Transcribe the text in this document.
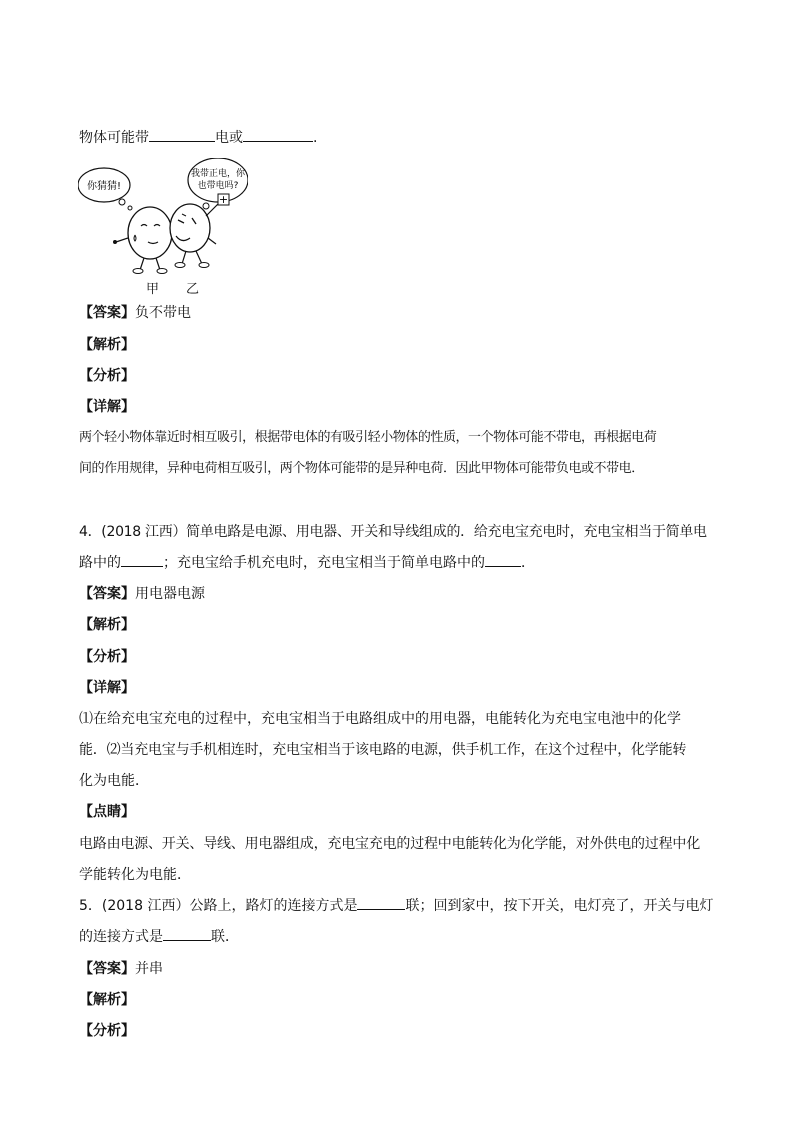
物体可能带	电或	.
你猜猜!
我带正电，你
也带电吗?
+
甲 乙
【答案】负不带电
【解析】
【分析】
【详解】
两个轻小物体靠近时相互吸引，根据带电体的有吸引轻小物体的性质，一个物体可能不带电，再根据电荷
间的作用规律，异种电荷相互吸引，两个物体可能带的是异种电荷．因此甲物体可能带负电或不带电．
4．(2018 江西）简单电路是电源、用电器、开关和导线组成的．给充电宝充电时，充电宝相当于简单电
路中的	；充电宝给手机充电时，充电宝相当于简单电路中的	．
【答案】用电器电源
【解析】
【分析】
【详解】
⑴在给充电宝充电的过程中，充电宝相当于电路组成中的用电器，电能转化为充电宝电池中的化学
能．⑵当充电宝与手机相连时，充电宝相当于该电路的电源，供手机工作，在这个过程中，化学能转
化为电能．
【点睛】
电路由电源、开关、导线、用电器组成，充电宝充电的过程中电能转化为化学能，对外供电的过程中化
学能转化为电能．
5．(2018 江西）公路上，路灯的连接方式是	联；回到家中，按下开关，电灯亮了，开关与电灯
的连接方式是	联．
【答案】并串
【解析】
【分析】
